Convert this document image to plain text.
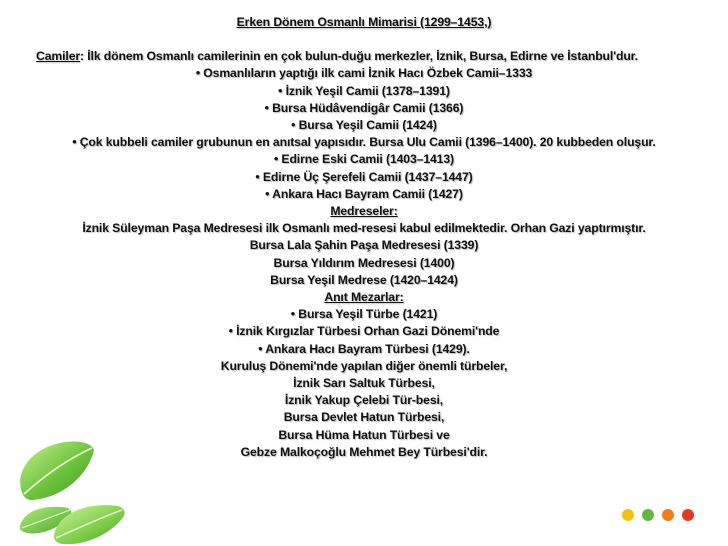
Erken Dönem Osmanlı Mimarisi (1299–1453,)
Camiler: İlk dönem Osmanlı camilerinin en çok bulun-duğu merkezler, İznik, Bursa, Edirne ve İstanbul'dur.
• Osmanlıların yaptığı ilk cami İznik Hacı Özbek Camii–1333
• İznik Yeşil Camii (1378–1391)
• Bursa Hüdâvendigâr Camii (1366)
• Bursa Yeşil Camii (1424)
• Çok kubbeli camiler grubunun en anıtsal yapısıdır. Bursa Ulu Camii (1396–1400). 20 kubbeden oluşur.
• Edirne Eski Camii (1403–1413)
• Edirne Üç Şerefeli Camii (1437–1447)
• Ankara Hacı Bayram Camii (1427)
Medreseler:
İznik Süleyman Paşa Medresesi ilk Osmanlı med-resesi kabul edilmektedir. Orhan Gazi yaptırmıştır.
Bursa Lala Şahin Paşa Medresesi (1339)
Bursa Yıldırım Medresesi (1400)
Bursa Yeşil Medrese (1420–1424)
Anıt Mezarlar:
• Bursa Yeşil Türbe (1421)
• İznik Kırgızlar Türbesi Orhan Gazi Dönemi'nde
• Ankara Hacı Bayram Türbesi (1429).
Kuruluş Dönemi'nde yapılan diğer önemli türbeler,
İznik Sarı Saltuk Türbesi,
İznik Yakup Çelebi Tür-besi,
Bursa Devlet Hatun Türbesi,
Bursa Hüma Hatun Türbesi ve
Gebze Malkoçoğlu Mehmet Bey Türbesi'dir.
